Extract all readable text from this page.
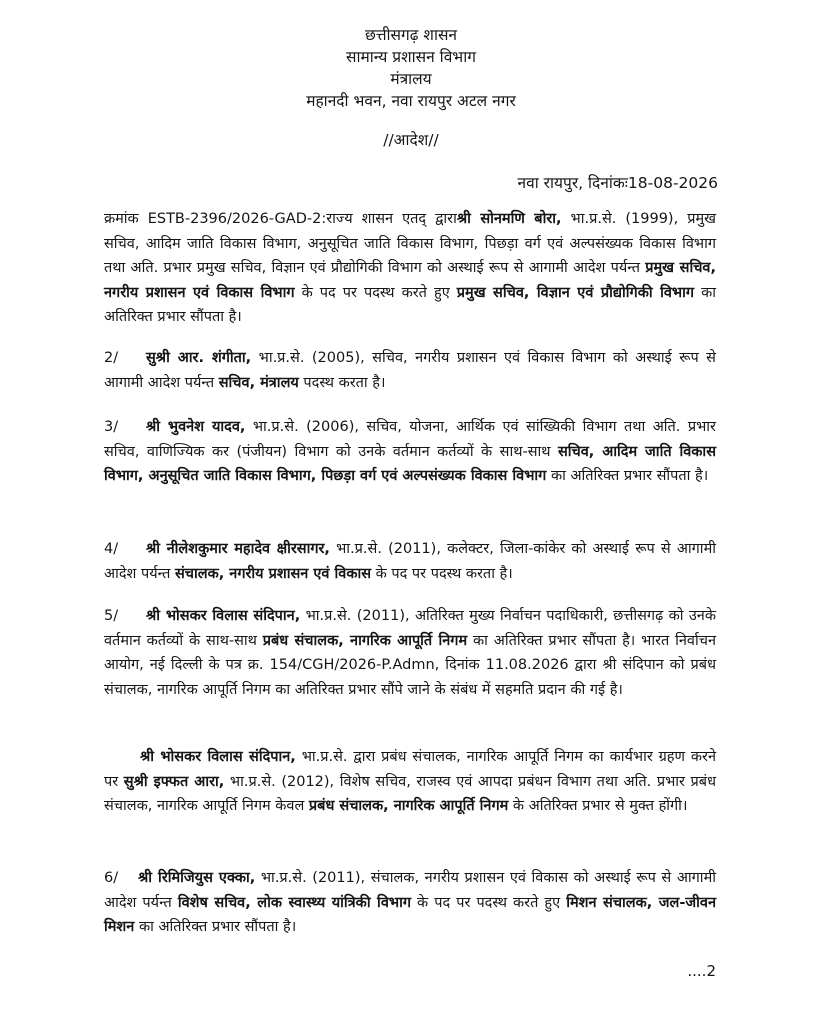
छत्तीसगढ़ शासन
सामान्य प्रशासन विभाग
मंत्रालय
महानदी भवन, नवा रायपुर अटल नगर
//आदेश//
नवा रायपुर, दिनांकः18-08-2026
क्रमांक ESTB-2396/2026-GAD-2:राज्य शासन एतद् द्वाराश्री सोनमणि बोरा, भा.प्र.से. (1999), प्रमुख सचिव, आदिम जाति विकास विभाग, अनुसूचित जाति विकास विभाग, पिछड़ा वर्ग एवं अल्पसंख्यक विकास विभाग तथा अति. प्रभार प्रमुख सचिव, विज्ञान एवं प्रौद्योगिकी विभाग को अस्थाई रूप से आगामी आदेश पर्यन्त प्रमुख सचिव, नगरीय प्रशासन एवं विकास विभाग के पद पर पदस्थ करते हुए प्रमुख सचिव, विज्ञान एवं प्रौद्योगिकी विभाग का अतिरिक्त प्रभार सौंपता है।
2/ सुश्री आर. शंगीता, भा.प्र.से. (2005), सचिव, नगरीय प्रशासन एवं विकास विभाग को अस्थाई रूप से आगामी आदेश पर्यन्त सचिव, मंत्रालय पदस्थ करता है।
3/ श्री भुवनेश यादव, भा.प्र.से. (2006), सचिव, योजना, आर्थिक एवं सांख्यिकी विभाग तथा अति. प्रभार सचिव, वाणिज्यिक कर (पंजीयन) विभाग को उनके वर्तमान कर्तव्यों के साथ-साथ सचिव, आदिम जाति विकास विभाग, अनुसूचित जाति विकास विभाग, पिछड़ा वर्ग एवं अल्पसंख्यक विकास विभाग का अतिरिक्त प्रभार सौंपता है।
4/ श्री नीलेशकुमार महादेव क्षीरसागर, भा.प्र.से. (2011), कलेक्टर, जिला-कांकेर को अस्थाई रूप से आगामी आदेश पर्यन्त संचालक, नगरीय प्रशासन एवं विकास के पद पर पदस्थ करता है।
5/ श्री भोसकर विलास संदिपान, भा.प्र.से. (2011), अतिरिक्त मुख्य निर्वाचन पदाधिकारी, छत्तीसगढ़ को उनके वर्तमान कर्तव्यों के साथ-साथ प्रबंध संचालक, नागरिक आपूर्ति निगम का अतिरिक्त प्रभार सौंपता है। भारत निर्वाचन आयोग, नई दिल्ली के पत्र क्र. 154/CGH/2026-P.Admn, दिनांक 11.08.2026 द्वारा श्री संदिपान को प्रबंध संचालक, नागरिक आपूर्ति निगम का अतिरिक्त प्रभार सौंपे जाने के संबंध में सहमति प्रदान की गई है।
श्री भोसकर विलास संदिपान, भा.प्र.से. द्वारा प्रबंध संचालक, नागरिक आपूर्ति निगम का कार्यभार ग्रहण करने पर सुश्री इफ्फत आरा, भा.प्र.से. (2012), विशेष सचिव, राजस्व एवं आपदा प्रबंधन विभाग तथा अति. प्रभार प्रबंध संचालक, नागरिक आपूर्ति निगम केवल प्रबंध संचालक, नागरिक आपूर्ति निगम के अतिरिक्त प्रभार से मुक्त होंगी।
6/ श्री रिमिजियुस एक्का, भा.प्र.से. (2011), संचालक, नगरीय प्रशासन एवं विकास को अस्थाई रूप से आगामी आदेश पर्यन्त विशेष सचिव, लोक स्वास्थ्य यांत्रिकी विभाग के पद पर पदस्थ करते हुए मिशन संचालक, जल-जीवन मिशन का अतिरिक्त प्रभार सौंपता है।
....2
